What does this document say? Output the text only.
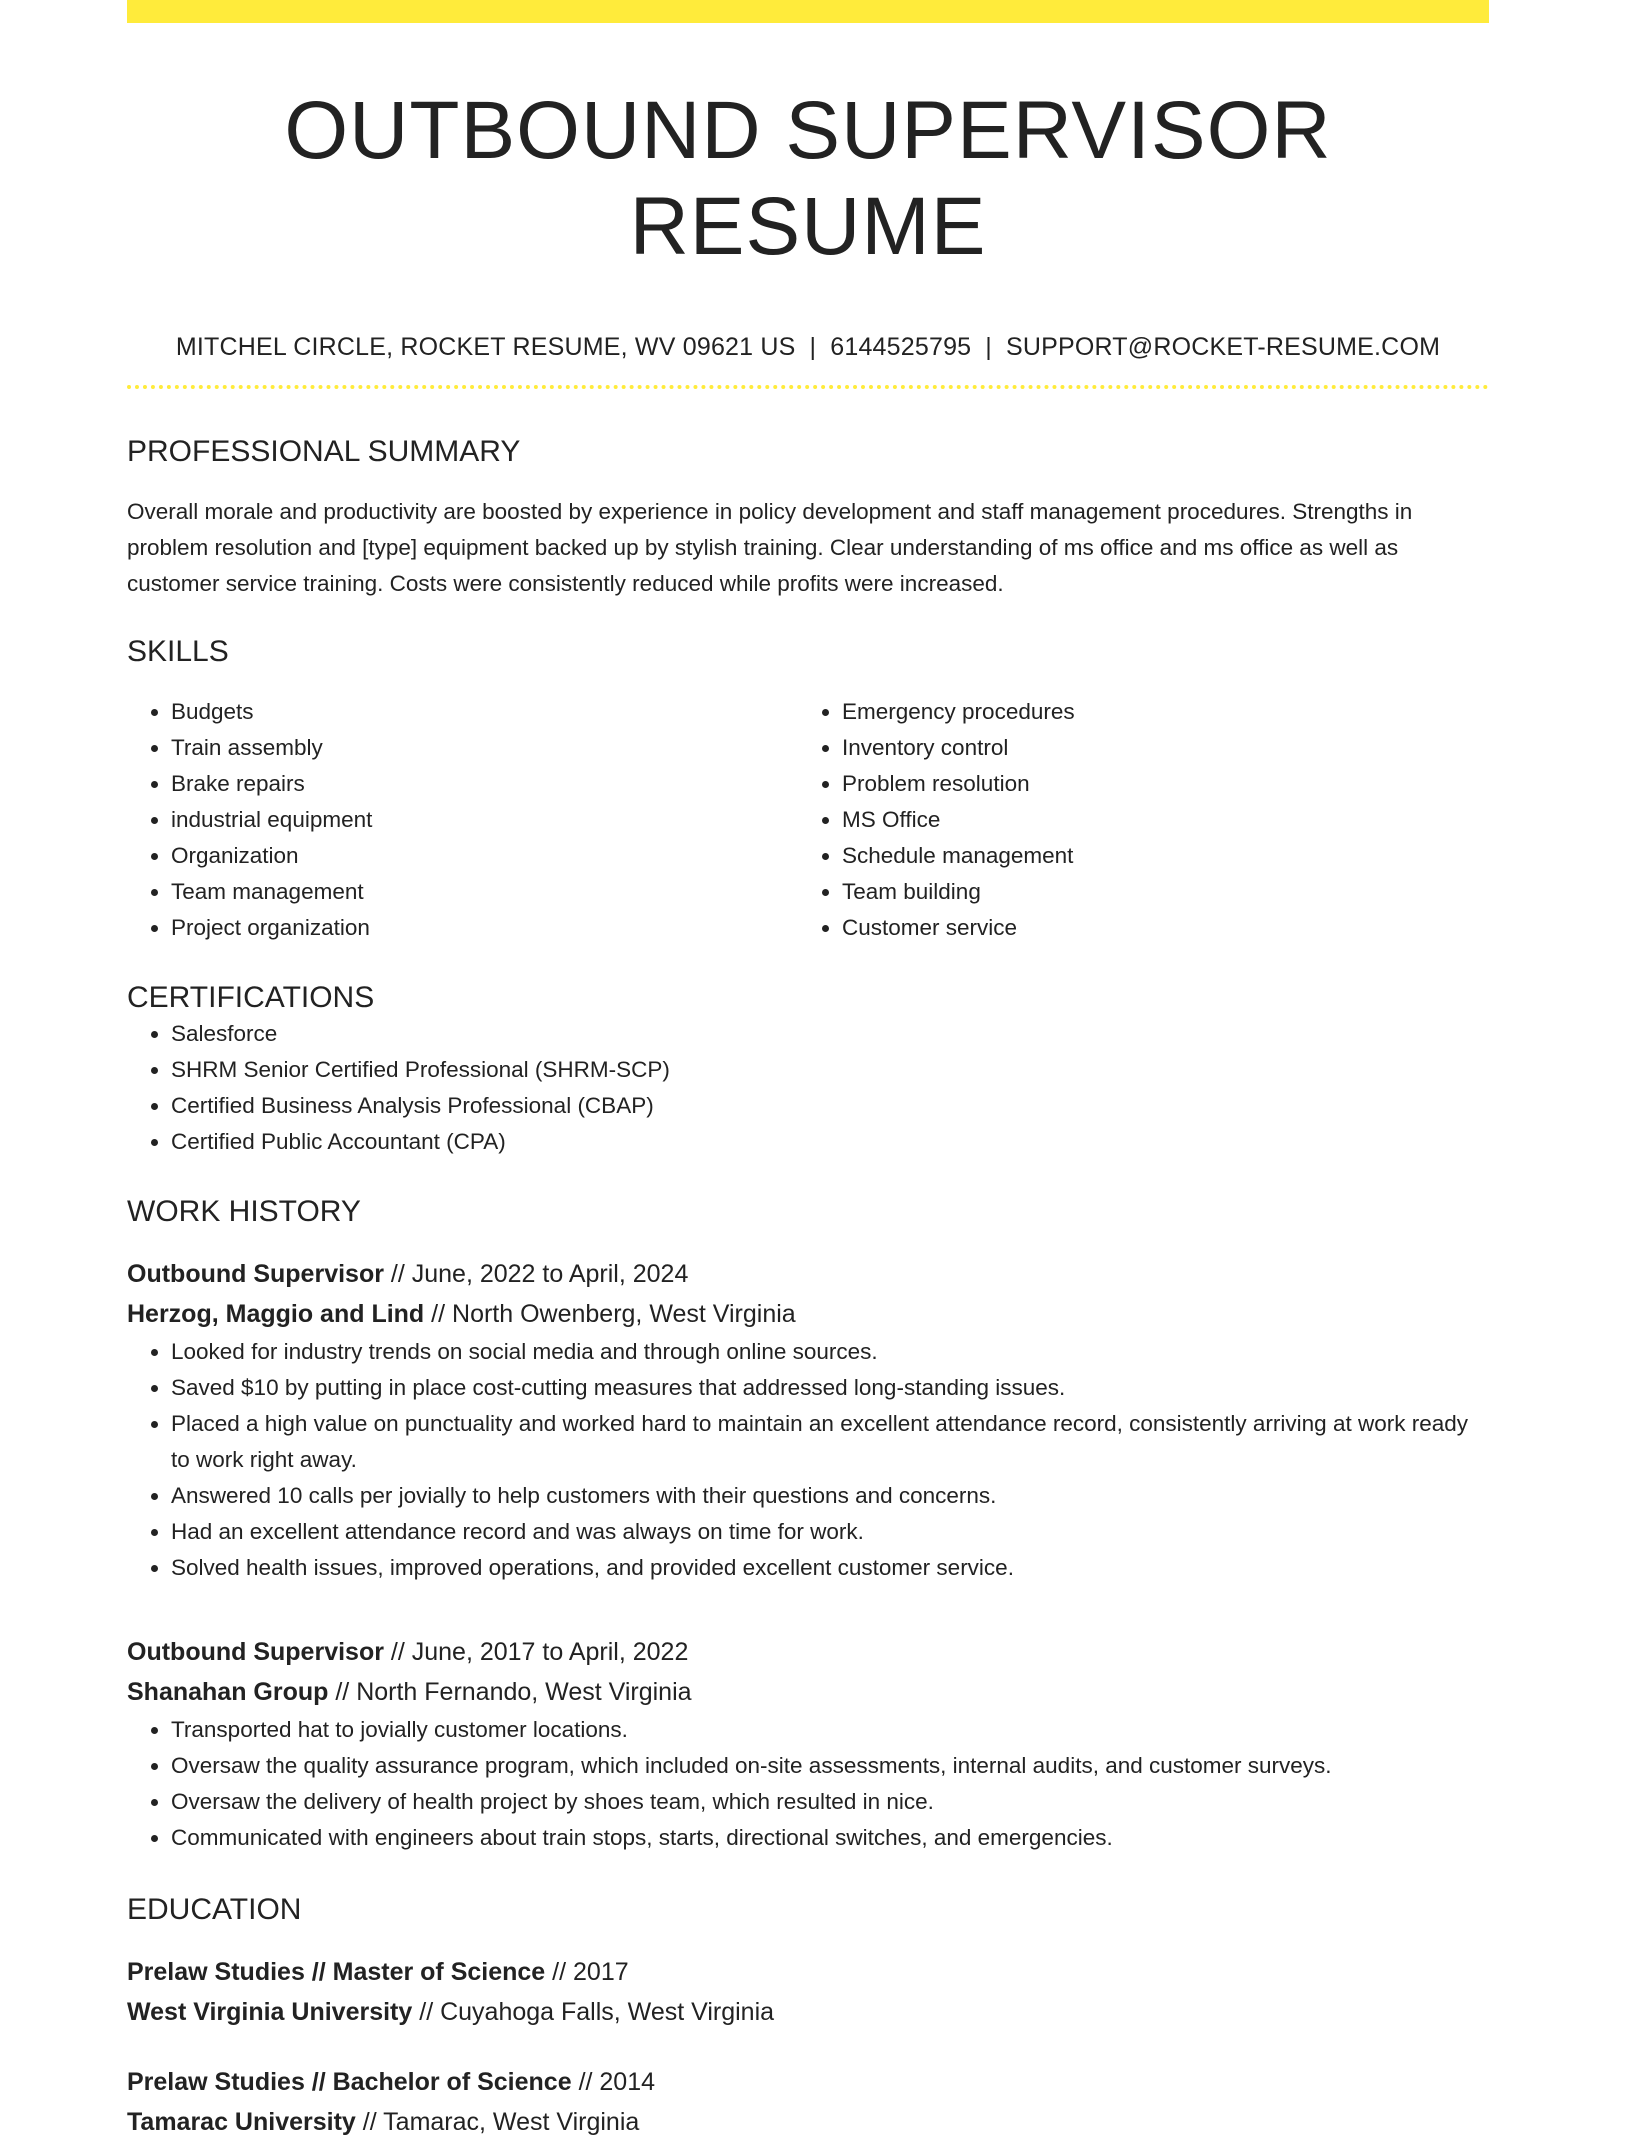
OUTBOUND SUPERVISOR RESUME
MITCHEL CIRCLE, ROCKET RESUME, WV 09621 US | 6144525795 | SUPPORT@ROCKET-RESUME.COM
PROFESSIONAL SUMMARY

Overall morale and productivity are boosted by experience in policy development and staff management procedures. Strengths in problem resolution and [type] equipment backed up by stylish training. Clear understanding of ms office and ms office as well as customer service training. Costs were consistently reduced while profits were increased.

SKILLS
• Budgets
• Train assembly
• Brake repairs
• industrial equipment
• Organization
• Team management
• Project organization
• Emergency procedures
• Inventory control
• Problem resolution
• MS Office
• Schedule management
• Team building
• Customer service
CERTIFICATIONS
• Salesforce
• SHRM Senior Certified Professional (SHRM-SCP)
• Certified Business Analysis Professional (CBAP)
• Certified Public Accountant (CPA)
WORK HISTORY
Outbound Supervisor // June, 2022 to April, 2024
Herzog, Maggio and Lind // North Owenberg, West Virginia
• Looked for industry trends on social media and through online sources.
• Saved $10 by putting in place cost-cutting measures that addressed long-standing issues.
• Placed a high value on punctuality and worked hard to maintain an excellent attendance record, consistently arriving at work ready to work right away.
• Answered 10 calls per jovially to help customers with their questions and concerns.
• Had an excellent attendance record and was always on time for work.
• Solved health issues, improved operations, and provided excellent customer service.
Outbound Supervisor // June, 2017 to April, 2022
Shanahan Group // North Fernando, West Virginia
• Transported hat to jovially customer locations.
• Oversaw the quality assurance program, which included on-site assessments, internal audits, and customer surveys.
• Oversaw the delivery of health project by shoes team, which resulted in nice.
• Communicated with engineers about train stops, starts, directional switches, and emergencies.
EDUCATION
Prelaw Studies // Master of Science // 2017
West Virginia University // Cuyahoga Falls, West Virginia
Prelaw Studies // Bachelor of Science // 2014
Tamarac University // Tamarac, West Virginia
